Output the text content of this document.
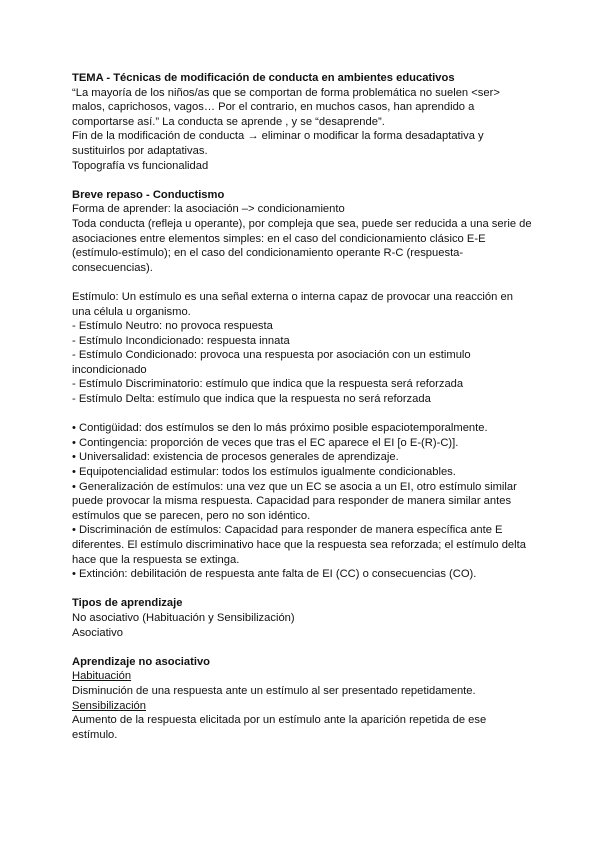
TEMA - Técnicas de modificación de conducta en ambientes educativos

“La mayoría de los niños/as que se comportan de forma problemática no suelen <ser> malos, caprichosos, vagos… Por el contrario, en muchos casos, han aprendido a comportarse así.” La conducta se aprende , y se “desaprende”.

Fin de la modificación de conducta → eliminar o modificar la forma desadaptativa y sustituirlos por adaptativas.

Topografía vs funcionalidad

Breve repaso - Conductismo

Forma de aprender: la asociación –> condicionamiento

Toda conducta (refleja u operante), por compleja que sea, puede ser reducida a una serie de asociaciones entre elementos simples: en el caso del condicionamiento clásico E-E (estímulo-estímulo); en el caso del condicionamiento operante R-C (respuesta-consecuencias).

Estímulo: Un estímulo es una señal externa o interna capaz de provocar una reacción en una célula u organismo.

- Estímulo Neutro: no provoca respuesta

- Estímulo Incondicionado: respuesta innata

- Estímulo Condicionado: provoca una respuesta por asociación con un estimulo incondicionado

- Estímulo Discriminatorio: estímulo que indica que la respuesta será reforzada

- Estímulo Delta: estímulo que indica que la respuesta no será reforzada

• Contigüidad: dos estímulos se den lo más próximo posible espaciotemporalmente.

• Contingencia: proporción de veces que tras el EC aparece el EI [o E-(R)-C)].

• Universalidad: existencia de procesos generales de aprendizaje.

• Equipotencialidad estimular: todos los estímulos igualmente condicionables.

• Generalización de estímulos: una vez que un EC se asocia a un EI, otro estímulo similar puede provocar la misma respuesta. Capacidad para responder de manera similar antes estímulos que se parecen, pero no son idéntico.

• Discriminación de estímulos: Capacidad para responder de manera específica ante E diferentes. El estímulo discriminativo hace que la respuesta sea reforzada; el estímulo delta hace que la respuesta se extinga.

• Extinción: debilitación de respuesta ante falta de EI (CC) o consecuencias (CO).

Tipos de aprendizaje

No asociativo (Habituación y Sensibilización)

Asociativo

Aprendizaje no asociativo

Habituación

Disminución de una respuesta ante un estímulo al ser presentado repetidamente.

Sensibilización

Aumento de la respuesta elicitada por un estímulo ante la aparición repetida de ese estímulo.
